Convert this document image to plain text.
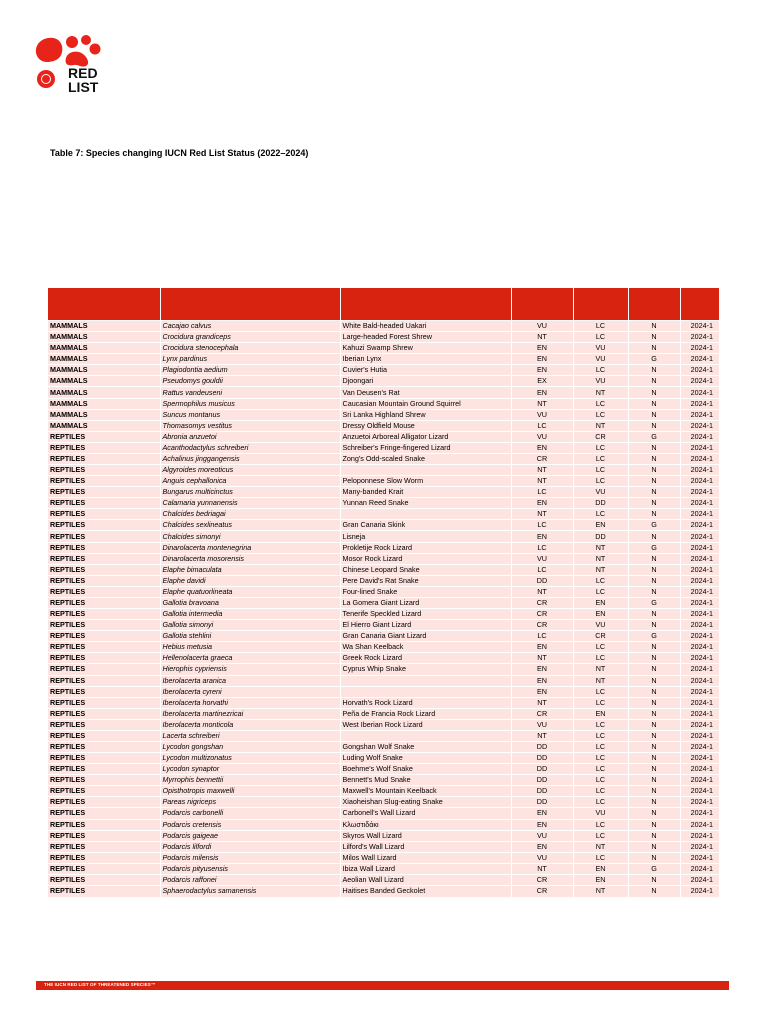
RED
LIST
Table 7: Species changing IUCN Red List Status (2022–2024)

MAMMALS	Cacajao calvus	White Bald-headed Uakari	VU	LC	N	2024-1
MAMMALS	Crocidura grandiceps	Large-headed Forest Shrew	NT	LC	N	2024-1
MAMMALS	Crocidura stenocephala	Kahuzi Swamp Shrew	EN	VU	N	2024-1
MAMMALS	Lynx pardinus	Iberian Lynx	EN	VU	G	2024-1
MAMMALS	Plagiodontia aedium	Cuvier's Hutia	EN	LC	N	2024-1
MAMMALS	Pseudomys gouldii	Djoongari	EX	VU	N	2024-1
MAMMALS	Rattus vandeuseni	Van Deusen's Rat	EN	NT	N	2024-1
MAMMALS	Spermophilus musicus	Caucasian Mountain Ground Squirrel	NT	LC	N	2024-1
MAMMALS	Suncus montanus	Sri Lanka Highland Shrew	VU	LC	N	2024-1
MAMMALS	Thomasomys vestitus	Dressy Oldfield Mouse	LC	NT	N	2024-1
REPTILES	Abronia anzuetoi	Anzuetoi Arboreal Alligator Lizard	VU	CR	G	2024-1
REPTILES	Acanthodactylus schreiberi	Schreiber's Fringe-fingered Lizard	EN	LC	N	2024-1
REPTILES	Achalinus jinggangensis	Zong's Odd-scaled Snake	CR	LC	N	2024-1
REPTILES	Algyroides moreoticus		NT	LC	N	2024-1
REPTILES	Anguis cephallonica	Peloponnese Slow Worm	NT	LC	N	2024-1
REPTILES	Bungarus multicinctus	Many-banded Krait	LC	VU	N	2024-1
REPTILES	Calamaria yunnanensis	Yunnan Reed Snake	EN	DD	N	2024-1
REPTILES	Chalcides bedriagai		NT	LC	N	2024-1
REPTILES	Chalcides sexlineatus	Gran Canaria Skink	LC	EN	G	2024-1
REPTILES	Chalcides simonyi	Lisneja	EN	DD	N	2024-1
REPTILES	Dinarolacerta montenegrina	Prokletije Rock Lizard	LC	NT	G	2024-1
REPTILES	Dinarolacerta mosorensis	Mosor Rock Lizard	VU	NT	N	2024-1
REPTILES	Elaphe bimaculata	Chinese Leopard Snake	LC	NT	N	2024-1
REPTILES	Elaphe davidi	Pere David's Rat Snake	DD	LC	N	2024-1
REPTILES	Elaphe quatuorlineata	Four-lined Snake	NT	LC	N	2024-1
REPTILES	Gallotia bravoana	La Gomera Giant Lizard	CR	EN	G	2024-1
REPTILES	Gallotia intermedia	Tenerife Speckled Lizard	CR	EN	N	2024-1
REPTILES	Gallotia simonyi	El Hierro Giant Lizard	CR	VU	N	2024-1
REPTILES	Gallotia stehlini	Gran Canaria Giant Lizard	LC	CR	G	2024-1
REPTILES	Hebius metusia	Wa Shan Keelback	EN	LC	N	2024-1
REPTILES	Hellenolacerta graeca	Greek Rock Lizard	NT	LC	N	2024-1
REPTILES	Hierophis cypriensis	Cyprus Whip Snake	EN	NT	N	2024-1
REPTILES	Iberolacerta aranica		EN	NT	N	2024-1
REPTILES	Iberolacerta cyreni		EN	LC	N	2024-1
REPTILES	Iberolacerta horvathi	Horvath's Rock Lizard	NT	LC	N	2024-1
REPTILES	Iberolacerta martinezricai	Peña de Francia Rock Lizard	CR	EN	N	2024-1
REPTILES	Iberolacerta monticola	West Iberian Rock Lizard	VU	LC	N	2024-1
REPTILES	Lacerta schreiberi		NT	LC	N	2024-1
REPTILES	Lycodon gongshan	Gongshan Wolf Snake	DD	LC	N	2024-1
REPTILES	Lycodon multizonatus	Luding Wolf Snake	DD	LC	N	2024-1
REPTILES	Lycodon synaptor	Boehme's Wolf Snake	DD	LC	N	2024-1
REPTILES	Myrrophis bennettii	Bennett's Mud Snake	DD	LC	N	2024-1
REPTILES	Opisthotropis maxwelli	Maxwell's Mountain Keelback	DD	LC	N	2024-1
REPTILES	Pareas nigriceps	Xiaoheishan Slug-eating Snake	DD	LC	N	2024-1
REPTILES	Podarcis carbonelli	Carbonell's Wall Lizard	EN	VU	N	2024-1
REPTILES	Podarcis cretensis	Κλωστιδάκι	EN	LC	N	2024-1
REPTILES	Podarcis gaigeae	Skyros Wall Lizard	VU	LC	N	2024-1
REPTILES	Podarcis lilfordi	Lilford's Wall Lizard	EN	NT	N	2024-1
REPTILES	Podarcis milensis	Milos Wall Lizard	VU	LC	N	2024-1
REPTILES	Podarcis pityusensis	Ibiza Wall Lizard	NT	EN	G	2024-1
REPTILES	Podarcis raffonei	Aeolian Wall Lizard	CR	EN	N	2024-1
REPTILES	Sphaerodactylus samanensis	Haitises Banded Geckolet	CR	NT	N	2024-1
THE IUCN RED LIST OF THREATENED SPECIES™
